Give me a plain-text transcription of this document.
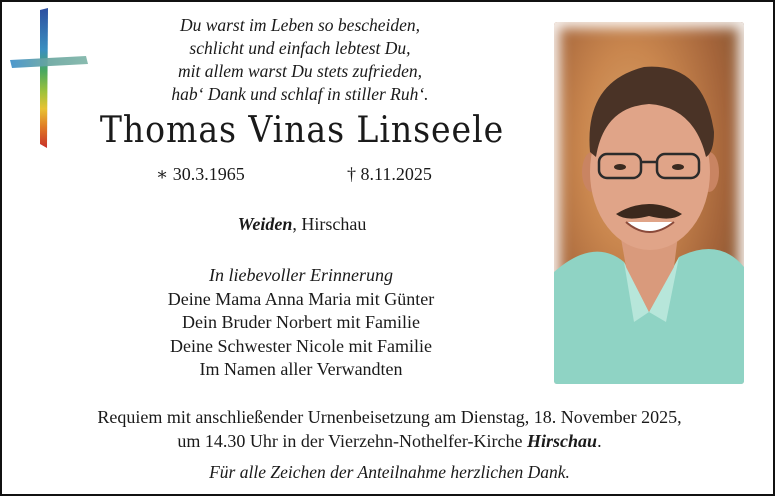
Du warst im Leben so bescheiden,
schlicht und einfach lebtest Du,
mit allem warst Du stets zufrieden,
hab‘ Dank und schlaf in stiller Ruh‘.
Thomas Vinas Linseele
∗ 30.3.1965	† 8.11.2025
Weiden, Hirschau
In liebevoller Erinnerung
Deine Mama Anna Maria mit Günter
Dein Bruder Norbert mit Familie
Deine Schwester Nicole mit Familie
Im Namen aller Verwandten
Requiem mit anschließender Urnenbeisetzung am Dienstag, 18. November 2025,
um 14.30 Uhr in der Vierzehn-Nothelfer-Kirche Hirschau.
Für alle Zeichen der Anteilnahme herzlichen Dank.
